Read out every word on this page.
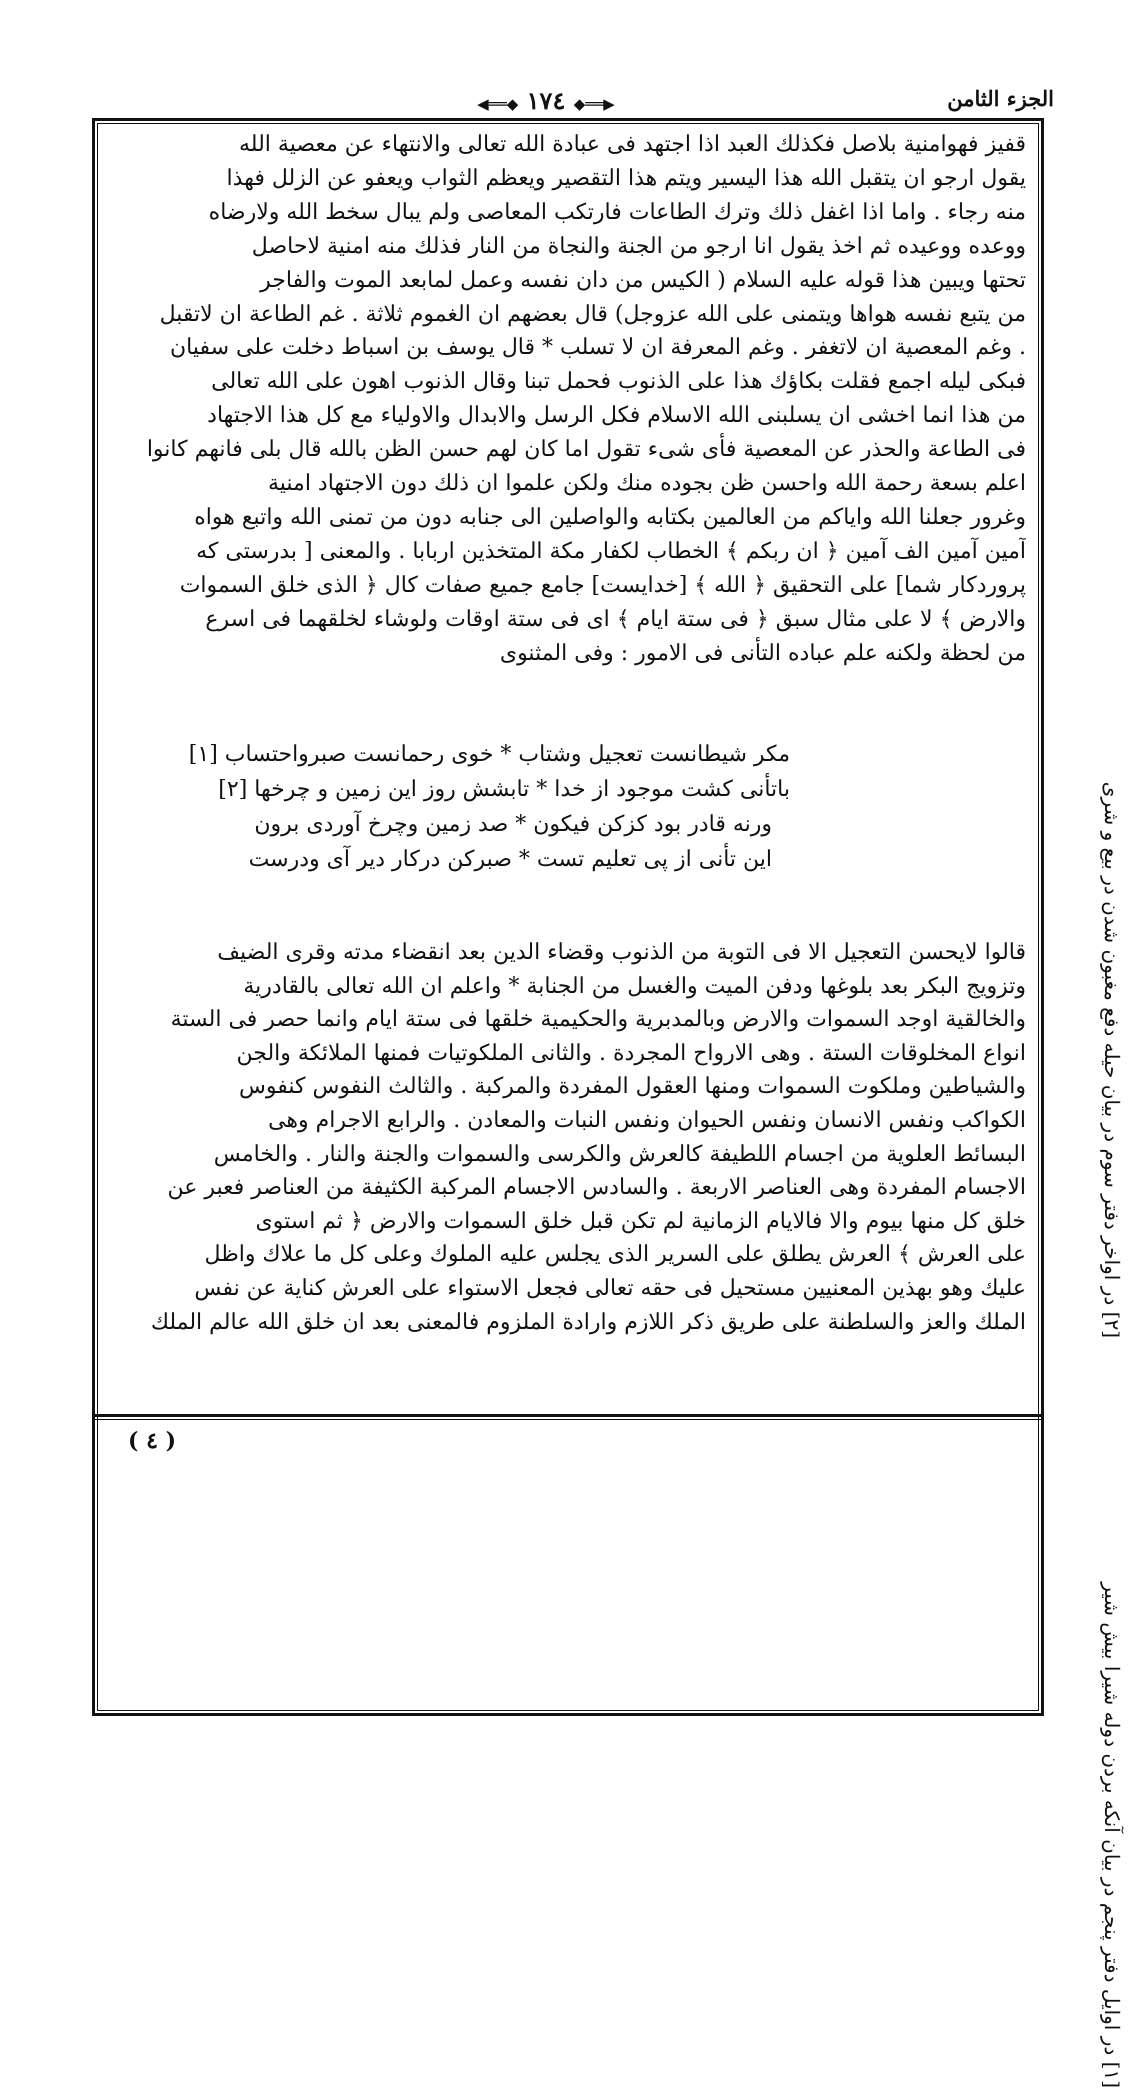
الجزء الثامن
◀══◆ ١٧٤ ◆══▶
[٢] در اواخر دفتر سوم در بیان حیله دفع مغبون شدن در بیع و شری
[١] در اوایل دفتر پنجم در بیان آنکه بردن دوله شیرا بیش شیر
قفیز فهوامنیة بلاصل فکذلك العبد اذا اجتهد فی عبادة الله تعالی والانتهاء عن معصیة الله
یقول ارجو ان یتقبل الله هذا الیسیر ویتم هذا التقصیر ویعظم الثواب ویعفو عن الزلل فهذا
منه رجاء . واما اذا اغفل ذلك وترك الطاعات فارتکب المعاصی ولم یبال سخط الله ولارضاه
ووعده ووعیده ثم اخذ یقول انا ارجو من الجنة والنجاة من النار فذلك منه امنیة لاحاصل
تحتها ویبین هذا قوله علیه السلام ( الکیس من دان نفسه وعمل لمابعد الموت والفاجر
من یتبع نفسه هواها ویتمنی علی الله عزوجل) قال بعضهم ان الغموم ثلاثة . غم الطاعة ان لاتقبل
. وغم المعصیة ان لاتغفر . وغم المعرفة ان لا تسلب * قال یوسف بن اسباط دخلت علی سفیان
فبکی لیله اجمع فقلت بکاؤك هذا علی الذنوب فحمل تبنا وقال الذنوب اهون علی الله تعالی
من هذا انما اخشی ان یسلبنی الله الاسلام فکل الرسل والابدال والاولیاء مع کل هذا الاجتهاد
فی الطاعة والحذر عن المعصیة فأی شیء تقول اما کان لهم حسن الظن بالله قال بلی فانهم کانوا
اعلم بسعة رحمة الله واحسن ظن بجوده منك ولکن علموا ان ذلك دون الاجتهاد امنیة
وغرور جعلنا الله وایاکم من العالمین بکتابه والواصلین الی جنابه دون من تمنی الله واتبع هواه
آمین آمین الف آمین ﴿ ان ربکم ﴾ الخطاب لکفار مکة المتخذین اربابا . والمعنی [ بدرستی که
پروردکار شما] علی التحقیق ﴿ الله ﴾ [خدایست] جامع جمیع صفات کال ﴿ الذی خلق السموات
والارض ﴾ لا علی مثال سبق ﴿ فی ستة ایام ﴾ ای فی ستة اوقات ولوشاء لخلقهما فی اسرع
من لحظة ولکنه علم عباده التأنی فی الامور : وفی المثنوی
مکر شیطانست تعجیل وشتاب * خوی رحمانست صبرواحتساب [١]
باتأنی کشت موجود از خدا * تابشش روز این زمین و چرخها [٢]
ورنه قادر بود کزکن فیکون * صد زمین وچرخ آوردی برون
این تأنی از پی تعلیم تست * صبرکن درکار دیر آی ودرست
قالوا لایحسن التعجیل الا فی التوبة من الذنوب وقضاء الدین بعد انقضاء مدته وقری الضیف
وتزویج البکر بعد بلوغها ودفن المیت والغسل من الجنابة * واعلم ان الله تعالی بالقادریة
والخالقیة اوجد السموات والارض وبالمدبریة والحکیمیة خلقها فی ستة ایام وانما حصر فی الستة
انواع المخلوقات الستة . وهی الارواح المجردة . والثانی الملکوتیات فمنها الملائکة والجن
والشیاطین وملکوت السموات ومنها العقول المفردة والمرکبة . والثالث النفوس کنفوس
الکواکب ونفس الانسان ونفس الحیوان ونفس النبات والمعادن . والرابع الاجرام وهی
البسائط العلویة من اجسام اللطیفة کالعرش والکرسی والسموات والجنة والنار . والخامس
الاجسام المفردة وهی العناصر الاربعة . والسادس الاجسام المرکبة الکثیفة من العناصر فعبر عن
خلق کل منها بیوم والا فالایام الزمانیة لم تکن قبل خلق السموات والارض ﴿ ثم استوی
علی العرش ﴾ العرش یطلق علی السریر الذی یجلس علیه الملوك وعلی کل ما علاك واظل
علیك وهو بهذین المعنیین مستحیل فی حقه تعالی فجعل الاستواء علی العرش کنایة عن نفس
الملك والعز والسلطنة علی طریق ذکر اللازم وارادة الملزوم فالمعنی بعد ان خلق الله عالم الملك
( ٤ )
